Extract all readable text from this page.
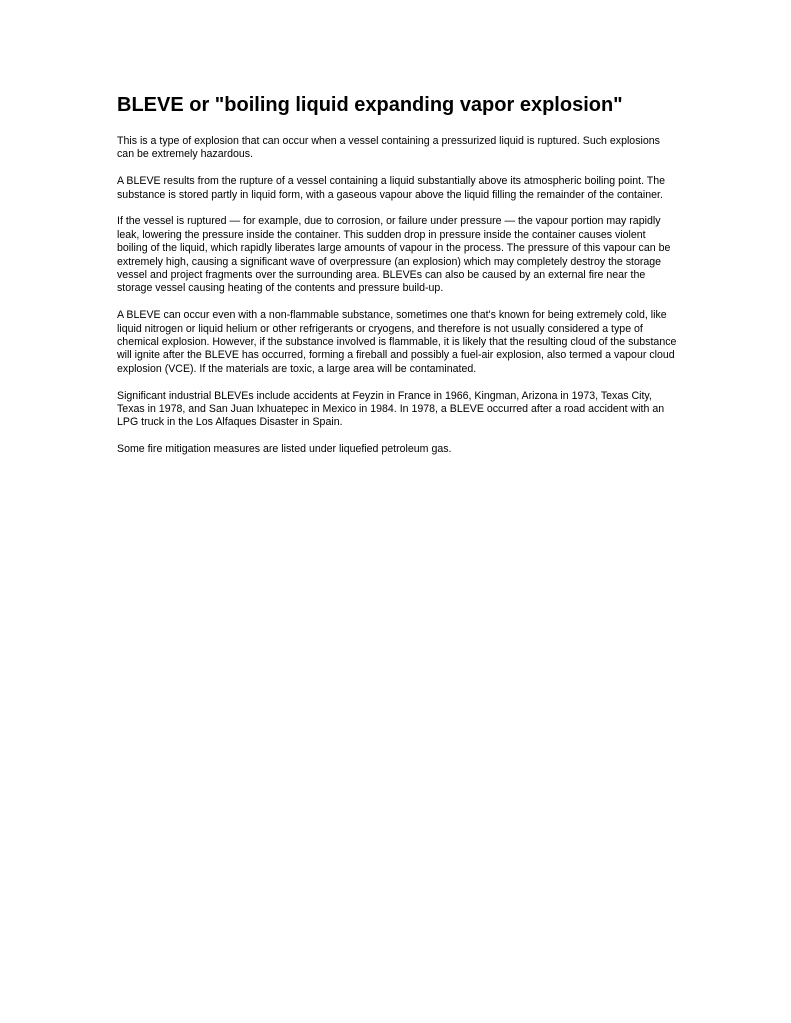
BLEVE or "boiling liquid expanding vapor explosion"

This is a type of explosion that can occur when a vessel containing a pressurized liquid is ruptured. Such explosions can be extremely hazardous.

A BLEVE results from the rupture of a vessel containing a liquid substantially above its atmospheric boiling point. The substance is stored partly in liquid form, with a gaseous vapour above the liquid filling the remainder of the container.

If the vessel is ruptured — for example, due to corrosion, or failure under pressure — the vapour portion may rapidly leak, lowering the pressure inside the container. This sudden drop in pressure inside the container causes violent boiling of the liquid, which rapidly liberates large amounts of vapour in the process. The pressure of this vapour can be extremely high, causing a significant wave of overpressure (an explosion) which may completely destroy the storage vessel and project fragments over the surrounding area. BLEVEs can also be caused by an external fire near the storage vessel causing heating of the contents and pressure build-up.

A BLEVE can occur even with a non-flammable substance, sometimes one that's known for being extremely cold, like liquid nitrogen or liquid helium or other refrigerants or cryogens, and therefore is not usually considered a type of chemical explosion. However, if the substance involved is flammable, it is likely that the resulting cloud of the substance will ignite after the BLEVE has occurred, forming a fireball and possibly a fuel-air explosion, also termed a vapour cloud explosion (VCE). If the materials are toxic, a large area will be contaminated.

Significant industrial BLEVEs include accidents at Feyzin in France in 1966, Kingman, Arizona in 1973, Texas City, Texas in 1978, and San Juan Ixhuatepec in Mexico in 1984. In 1978, a BLEVE occurred after a road accident with an LPG truck in the Los Alfaques Disaster in Spain.

Some fire mitigation measures are listed under liquefied petroleum gas.
